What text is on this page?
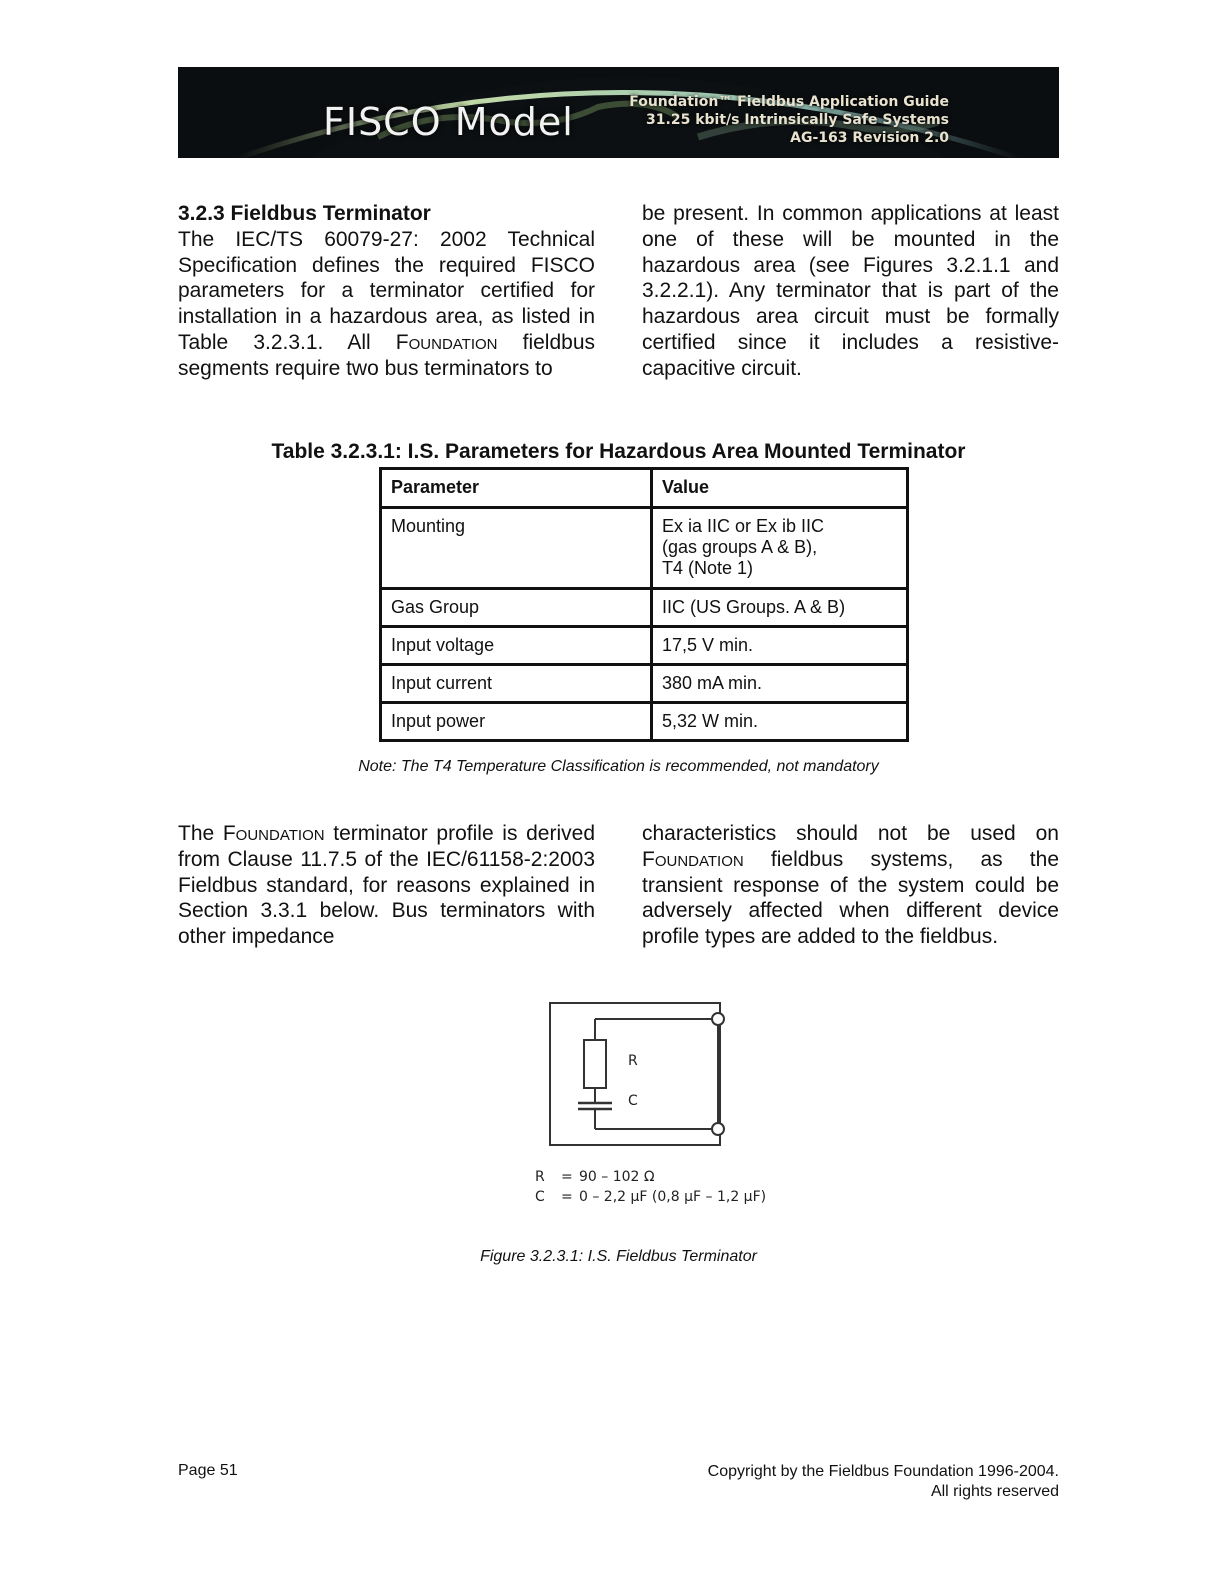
FISCO Model	Foundation™ Fieldbus Application Guide
31.25 kbit/s Intrinsically Safe Systems
AG-163 Revision 2.0
3.2.3 Fieldbus Terminator

The IEC/TS 60079-27: 2002 Technical Specification defines the required FISCO parameters for a terminator certified for installation in a hazardous area, as listed in Table 3.2.3.1. All Foundation fieldbus segments require two bus terminators to

be present. In common applications at least one of these will be mounted in the hazardous area (see Figures 3.2.1.1 and 3.2.2.1). Any terminator that is part of the hazardous area circuit must be formally certified since it includes a resistive-capacitive circuit.

Table 3.2.3.1: I.S. Parameters for Hazardous Area Mounted Terminator
Parameter	Value
Mounting	Ex ia IIC or Ex ib IIC
(gas groups A & B),
T4 (Note 1)

Gas Group	IIC (US Groups. A & B)
Input voltage	17,5 V min.
Input current	380 mA min.
Input power	5,32 W min.
Note: The T4 Temperature Classification is recommended, not mandatory

The Foundation terminator profile is derived from Clause 11.7.5 of the IEC/61158-2:2003 Fieldbus standard, for reasons explained in Section 3.3.1 below. Bus terminators with other impedance

characteristics should not be used on Foundation fieldbus systems, as the transient response of the system could be adversely affected when different device profile types are added to the fieldbus.

R
C
R = 90 – 102 Ω
C = 0 – 2,2 µF (0,8 µF – 1,2 µF)
Figure 3.2.3.1: I.S. Fieldbus Terminator
Page 51	Copyright by the Fieldbus Foundation 1996-2004.
All rights reserved
